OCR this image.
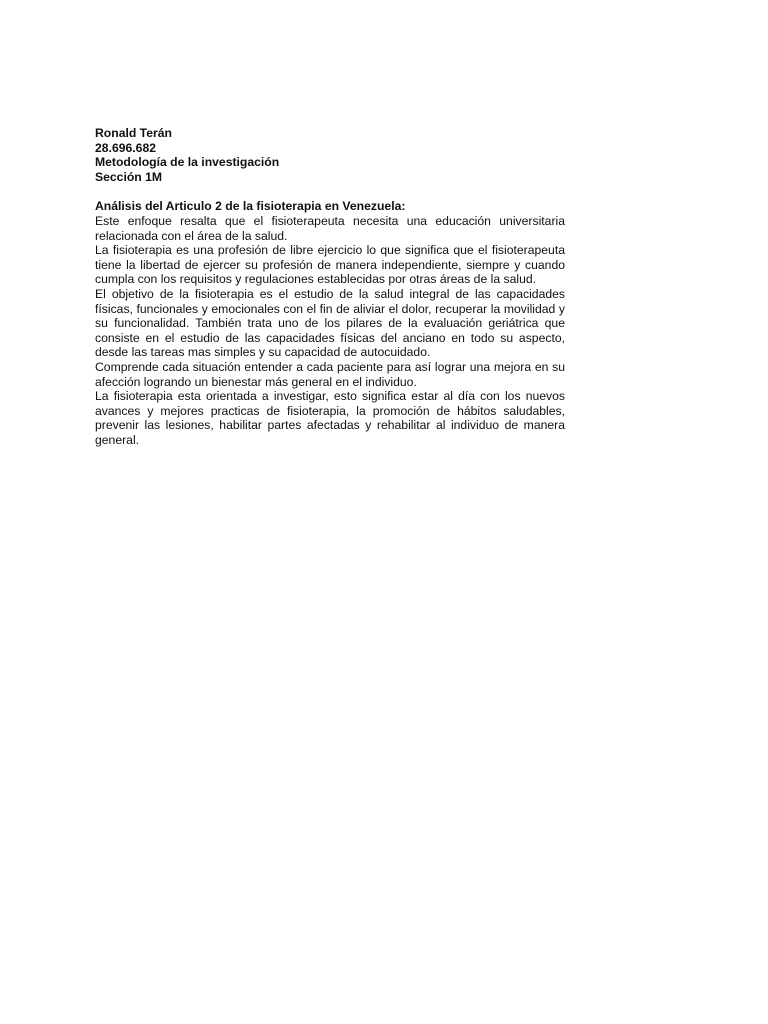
Ronald Terán
28.696.682
Metodología de la investigación
Sección 1M
Análisis del Articulo 2 de la fisioterapia en Venezuela:

Este enfoque resalta que el fisioterapeuta necesita una educación universitaria relacionada con el área de la salud.

La fisioterapia es una profesión de libre ejercicio lo que significa que el fisioterapeuta tiene la libertad de ejercer su profesión de manera independiente, siempre y cuando cumpla con los requisitos y regulaciones establecidas por otras áreas de la salud.

El objetivo de la fisioterapia es el estudio de la salud integral de las capacidades físicas, funcionales y emocionales con el fin de aliviar el dolor, recuperar la movilidad y su funcionalidad. También trata uno de los pilares de la evaluación geriátrica que consiste en el estudio de las capacidades físicas del anciano en todo su aspecto, desde las tareas mas simples y su capacidad de autocuidado.

Comprende cada situación entender a cada paciente para así lograr una mejora en su afección logrando un bienestar más general en el individuo.

La fisioterapia esta orientada a investigar, esto significa estar al día con los nuevos avances y mejores practicas de fisioterapia, la promoción de hábitos saludables, prevenir las lesiones, habilitar partes afectadas y rehabilitar al individuo de manera general.
